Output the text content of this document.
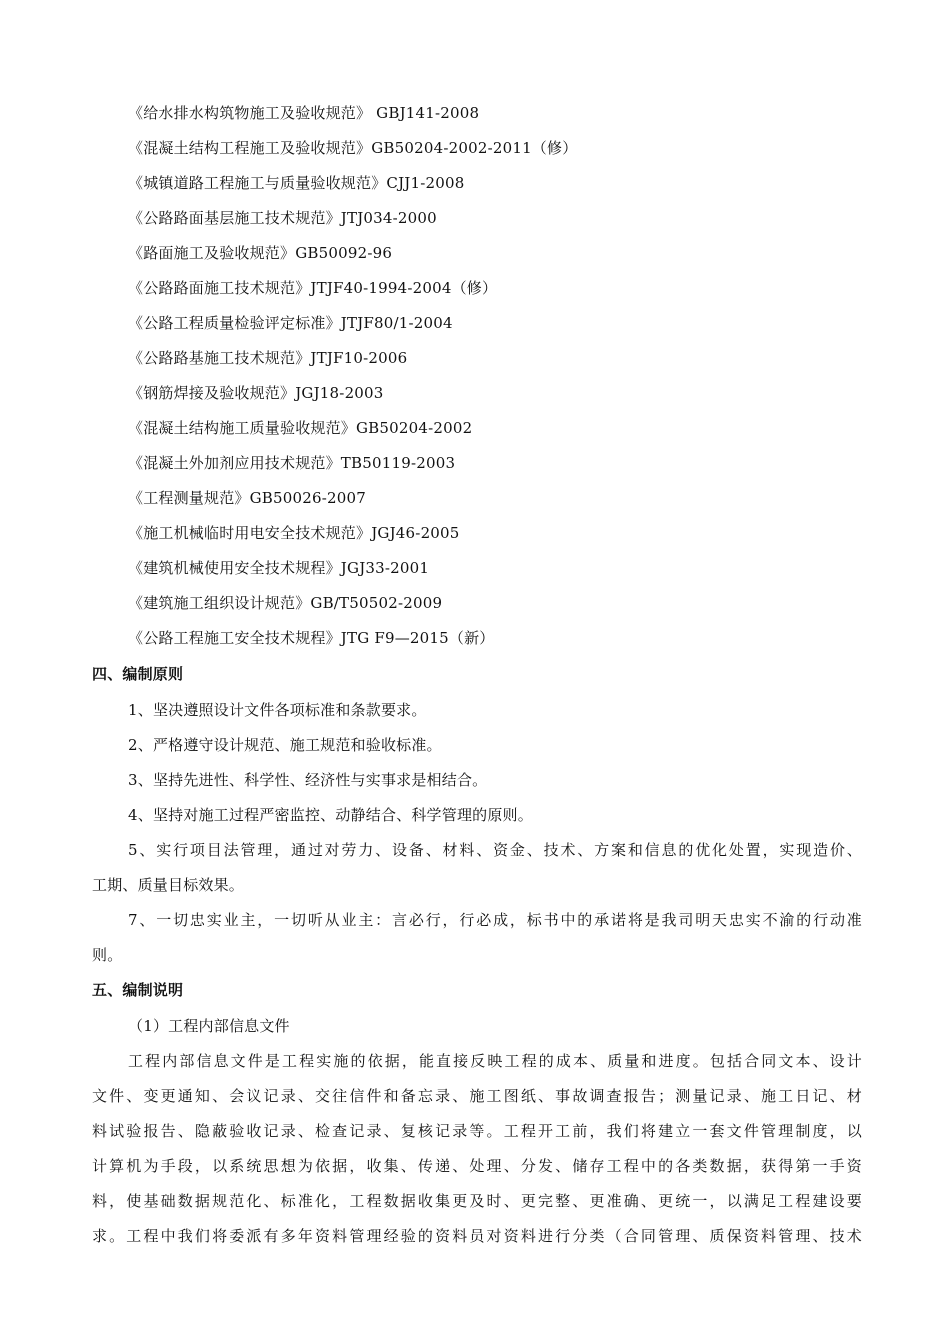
《给水排水构筑物施工及验收规范》 GBJ141-2008
《混凝土结构工程施工及验收规范》GB50204-2002-2011（修）
《城镇道路工程施工与质量验收规范》CJJ1-2008
《公路路面基层施工技术规范》JTJ034-2000
《路面施工及验收规范》GB50092-96
《公路路面施工技术规范》JTJF40-1994-2004（修）
《公路工程质量检验评定标准》JTJF80/1-2004
《公路路基施工技术规范》JTJF10-2006
《钢筋焊接及验收规范》JGJ18-2003
《混凝土结构施工质量验收规范》GB50204-2002
《混凝土外加剂应用技术规范》TB50119-2003
《工程测量规范》GB50026-2007
《施工机械临时用电安全技术规范》JGJ46-2005
《建筑机械使用安全技术规程》JGJ33-2001
《建筑施工组织设计规范》GB/T50502-2009
《公路工程施工安全技术规程》JTG F9—2015（新）
四、编制原则
1、坚决遵照设计文件各项标准和条款要求。
2、严格遵守设计规范、施工规范和验收标准。
3、坚持先进性、科学性、经济性与实事求是相结合。
4、坚持对施工过程严密监控、动静结合、科学管理的原则。
5、实行项目法管理，通过对劳力、设备、材料、资金、技术、方案和信息的优化处置，实现造价、
工期、质量目标效果。
7、一切忠实业主，一切听从业主：言必行，行必成，标书中的承诺将是我司明天忠实不渝的行动准
则。
五、编制说明
（1）工程内部信息文件
工程内部信息文件是工程实施的依据，能直接反映工程的成本、质量和进度。包括合同文本、设计
文件、变更通知、会议记录、交往信件和备忘录、施工图纸、事故调查报告；测量记录、施工日记、材
料试验报告、隐蔽验收记录、检查记录、复核记录等。工程开工前，我们将建立一套文件管理制度，以
计算机为手段，以系统思想为依据，收集、传递、处理、分发、储存工程中的各类数据，获得第一手资
料，使基础数据规范化、标准化，工程数据收集更及时、更完整、更准确、更统一，以满足工程建设要
求。工程中我们将委派有多年资料管理经验的资料员对资料进行分类（合同管理、质保资料管理、技术
